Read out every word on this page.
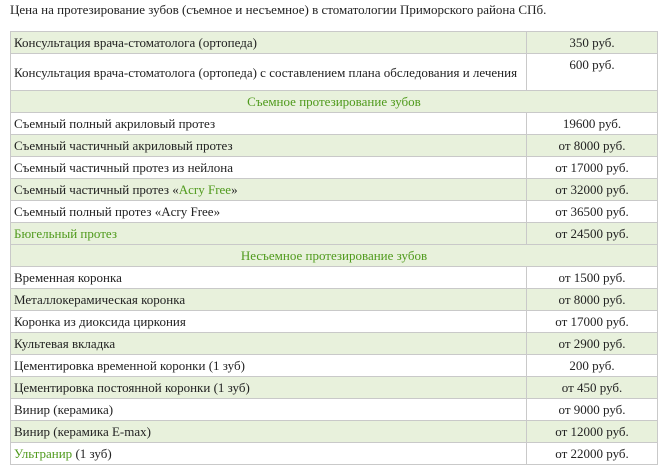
Цена на протезирование зубов (съемное и несъемное) в стоматологии Приморского района СПб.
Консультация врача-стоматолога (ортопеда)	350 руб.
Консультация врача-стоматолога (ортопеда) с составлением плана обследования и лечения	600 руб.
Съемное протезирование зубов	
Съемный полный акриловый протез	19600 руб.
Съемный частичный акриловый протез	от 8000 руб.
Съемный частичный протез из нейлона	от 17000 руб.
Съемный частичный протез «Acry Free»	от 32000 руб.
Съемный полный протез «Acry Free»	от 36500 руб.
Бюгельный протез	от 24500 руб.
Несъемное протезирование зубов	
Временная коронка	от 1500 руб.
Металлокерамическая коронка	от 8000 руб.
Коронка из диоксида циркония	от 17000 руб.
Культевая вкладка	от 2900 руб.
Цементировка временной коронки (1 зуб)	200 руб.
Цементировка постоянной коронки (1 зуб)	от 450 руб.
Винир (керамика)	от 9000 руб.
Винир (керамика E-max)	от 12000 руб.
Ультранир (1 зуб)	от 22000 руб.
